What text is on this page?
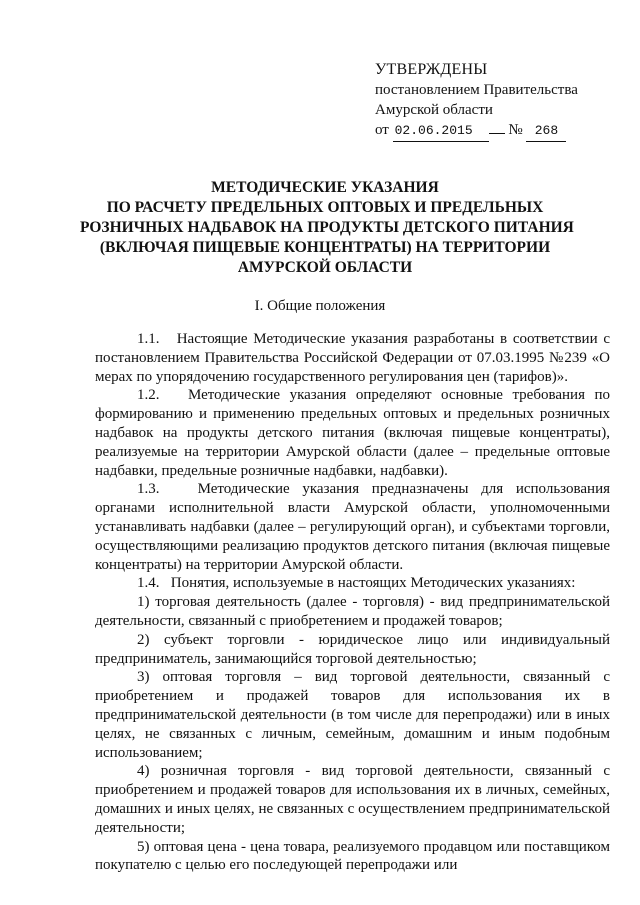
УТВЕРЖДЕНЫ
постановлением Правительства
Амурской области
от 02.06.2015 № 268
МЕТОДИЧЕСКИЕ УКАЗАНИЯ
ПО РАСЧЕТУ ПРЕДЕЛЬНЫХ ОПТОВЫХ И ПРЕДЕЛЬНЫХ
РОЗНИЧНЫХ НАДБАВОК НА ПРОДУКТЫ ДЕТСКОГО ПИТАНИЯ
(ВКЛЮЧАЯ ПИЩЕВЫЕ КОНЦЕНТРАТЫ) НА ТЕРРИТОРИИ
АМУРСКОЙ ОБЛАСТИ
I. Общие положения

1.1.   Настоящие Методические указания разработаны в соответствии с постановлением Правительства Российской Федерации от 07.03.1995 №239 «О мерах по упорядочению государственного регулирования цен (тарифов)».

1.2.   Методические указания определяют основные требования по формированию и применению предельных оптовых и предельных розничных надбавок на продукты детского питания (включая пищевые концентраты), реализуемые на территории Амурской области (далее – предельные оптовые надбавки, предельные розничные надбавки, надбавки).

1.3.   Методические указания предназначены для использования органами исполнительной власти Амурской области, уполномоченными устанавливать надбавки (далее – регулирующий орган), и субъектами торговли, осуществляющими реализацию продуктов детского питания (включая пищевые концентраты) на территории Амурской области.

1.4.   Понятия, используемые в настоящих Методических указаниях:

1) торговая деятельность (далее - торговля) - вид предпринимательской деятельности, связанный с приобретением и продажей товаров;

2) субъект торговли - юридическое лицо или индивидуальный предприниматель, занимающийся торговой деятельностью;

3) оптовая торговля – вид торговой деятельности, связанный с приобретением и продажей товаров для использования их в предпринимательской деятельности (в том числе для перепродажи) или в иных целях, не связанных с личным, семейным, домашним и иным подобным использованием;

4) розничная торговля - вид торговой деятельности, связанный с приобретением и продажей товаров для использования их в личных, семейных, домашних и иных целях, не связанных с осуществлением предпринимательской деятельности;

5) оптовая цена - цена товара, реализуемого продавцом или поставщиком покупателю с целью его последующей перепродажи или
